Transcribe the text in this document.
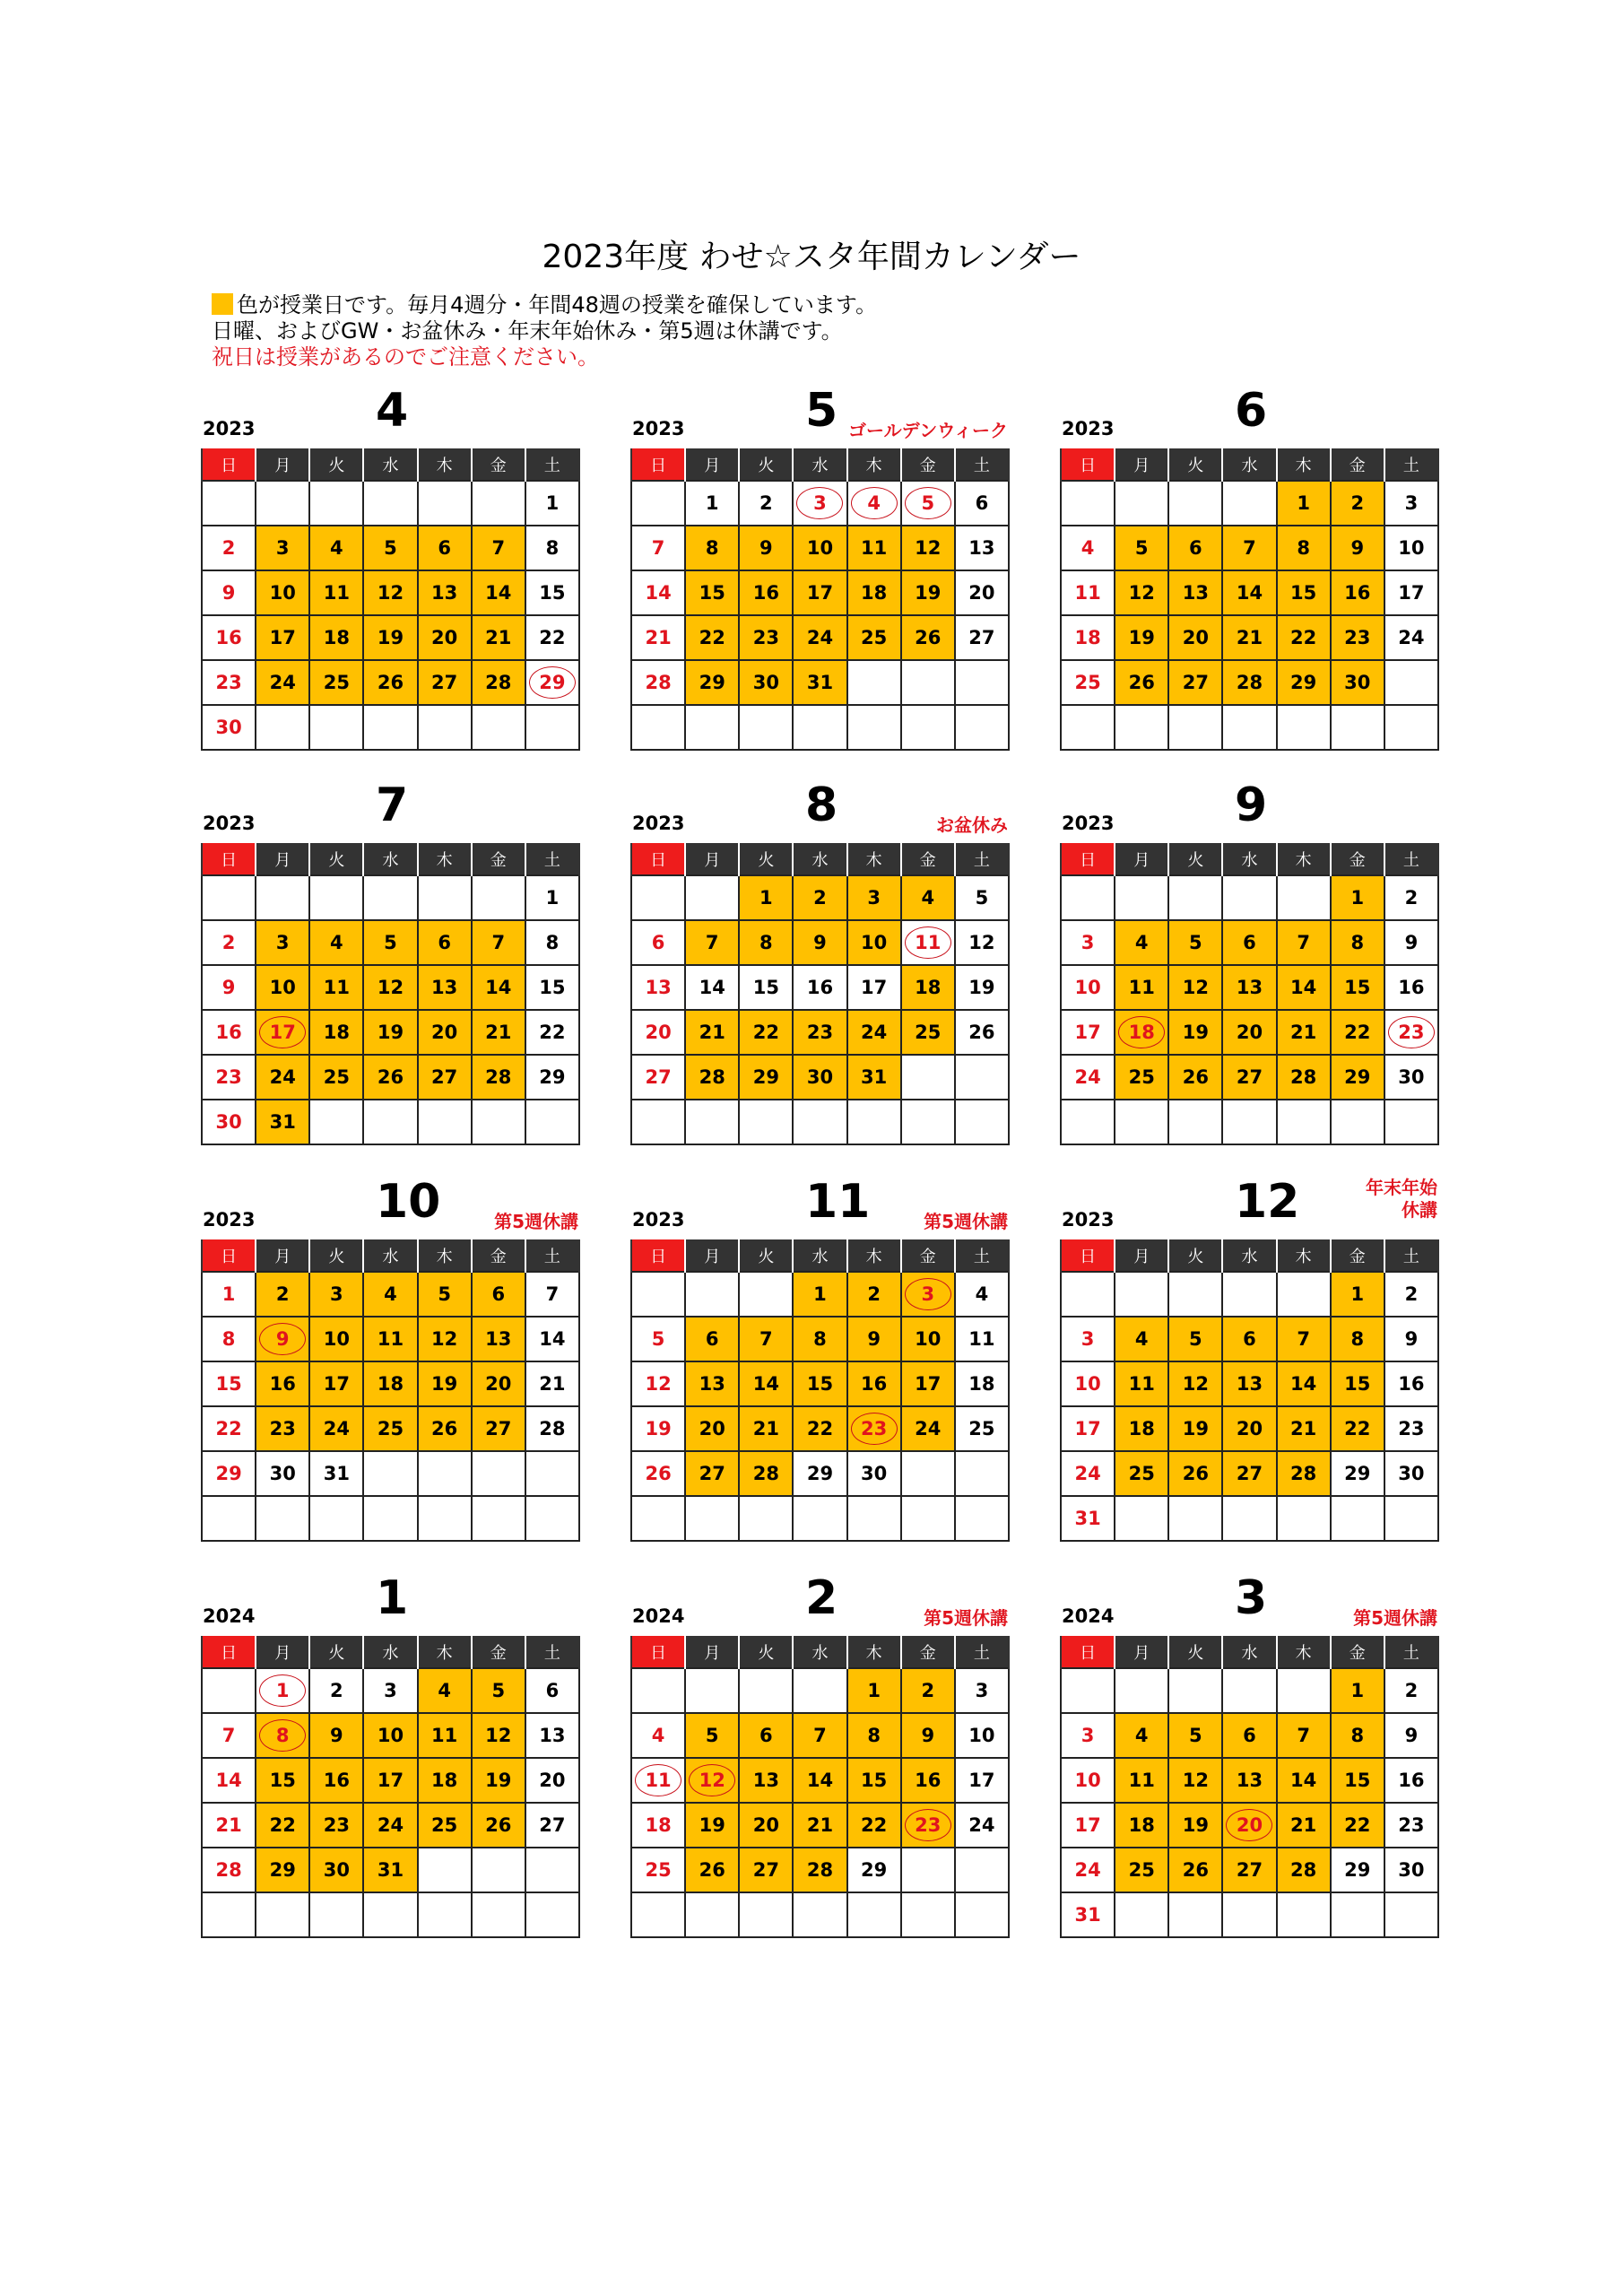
2023年度 わせ☆スタ年間カレンダー
色が授業日です。毎月4週分・年間48週の授業を確保しています。
日曜、およびGW・お盆休み・年末年始休み・第5週は休講です。
祝日は授業があるのでご注意ください。
2023	4
日	月	火	水	木	金	土
						1
2	3	4	5	6	7	8
9	10	11	12	13	14	15
16	17	18	19	20	21	22
23	24	25	26	27	28	29
30						
2023	5 ゴールデンウィーク
日	月	火	水	木	金	土
	1	2	3	4	5	6
7	8	9	10	11	12	13
14	15	16	17	18	19	20
21	22	23	24	25	26	27
28	29	30	31			

2023	6
日	月	火	水	木	金	土
				1	2	3
4	5	6	7	8	9	10
11	12	13	14	15	16	17
18	19	20	21	22	23	24
25	26	27	28	29	30	

2023	7
日	月	火	水	木	金	土
						1
2	3	4	5	6	7	8
9	10	11	12	13	14	15
16	17	18	19	20	21	22
23	24	25	26	27	28	29
30	31					
2023	8	お盆休み
日	月	火	水	木	金	土
		1	2	3	4	5
6	7	8	9	10	11	12
13	14	15	16	17	18	19
20	21	22	23	24	25	26
27	28	29	30	31		

2023	9
日	月	火	水	木	金	土
					1	2
3	4	5	6	7	8	9
10	11	12	13	14	15	16
17	18	19	20	21	22	23
24	25	26	27	28	29	30

2023	10	第5週休講
日	月	火	水	木	金	土
1	2	3	4	5	6	7
8	9	10	11	12	13	14
15	16	17	18	19	20	21
22	23	24	25	26	27	28
29	30	31				

2023	11	第5週休講
日	月	火	水	木	金	土
			1	2	3	4
5	6	7	8	9	10	11
12	13	14	15	16	17	18
19	20	21	22	23	24	25
26	27	28	29	30		

2023	12	年末年始
休講
日	月	火	水	木	金	土
					1	2
3	4	5	6	7	8	9
10	11	12	13	14	15	16
17	18	19	20	21	22	23
24	25	26	27	28	29	30
31						
2024	1
日	月	火	水	木	金	土
	1	2	3	4	5	6
7	8	9	10	11	12	13
14	15	16	17	18	19	20
21	22	23	24	25	26	27
28	29	30	31			

2024	2	第5週休講
日	月	火	水	木	金	土
				1	2	3
4	5	6	7	8	9	10
11	12	13	14	15	16	17
18	19	20	21	22	23	24
25	26	27	28	29		

2024	3	第5週休講
日	月	火	水	木	金	土
					1	2
3	4	5	6	7	8	9
10	11	12	13	14	15	16
17	18	19	20	21	22	23
24	25	26	27	28	29	30
31						
